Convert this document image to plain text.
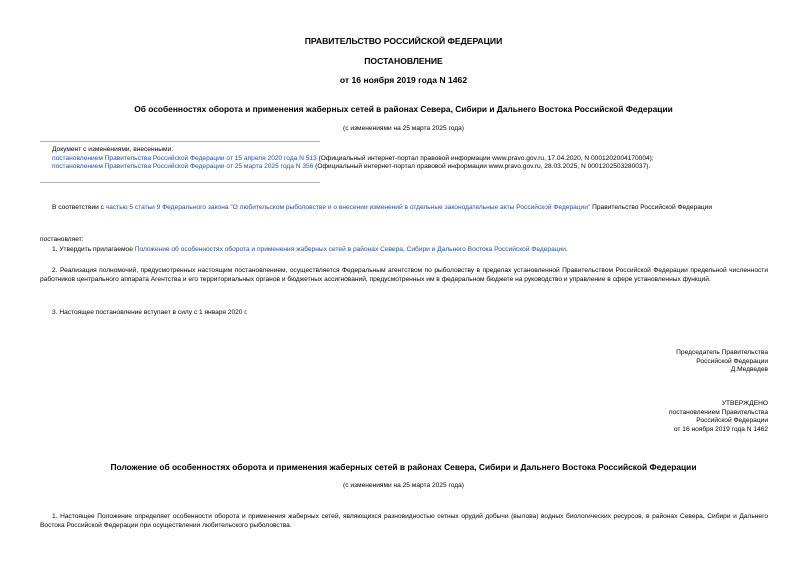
ПРАВИТЕЛЬСТВО РОССИЙСКОЙ ФЕДЕРАЦИИ
ПОСТАНОВЛЕНИЕ
от 16 ноября 2019 года N 1462
Об особенностях оборота и применения жаберных сетей в районах Севера, Сибири и Дальнего Востока Российской Федерации
(с изменениями на 25 марта 2025 года)
Документ с изменениями, внесенными:
постановлением Правительства Российской Федерации от 15 апреля 2020 года N 513 (Официальный интернет-портал правовой информации www.pravo.gov.ru, 17.04.2020, N 0001202004170004);
постановлением Правительства Российской Федерации от 25 марта 2025 года N 356 (Официальный интернет-портал правовой информации www.pravo.gov.ru, 28.03.2025, N 0001202503280037).
В соответствии с частью 5 статьи 9 Федерального закона "О любительском рыболовстве и о внесении изменений в отдельные законодательные акты Российской Федерации" Правительство Российской Федерации
постановляет:
1. Утвердить прилагаемое Положение об особенностях оборота и применения жаберных сетей в районах Севера, Сибири и Дальнего Востока Российской Федерации.
2. Реализация полномочий, предусмотренных настоящим постановлением, осуществляется Федеральным агентством по рыболовству в пределах установленной Правительством Российской Федерации предельной численности работников центрального аппарата Агентства и его территориальных органов и бюджетных ассигнований, предусмотренных им в федеральном бюджете на руководство и управление в сфере установленных функций.
3. Настоящее постановление вступает в силу с 1 января 2020 г.
Председатель Правительства
Российской Федерации
Д.Медведев
УТВЕРЖДЕНО
постановлением Правительства
Российской Федерации
от 16 ноября 2019 года N 1462
Положение об особенностях оборота и применения жаберных сетей в районах Севера, Сибири и Дальнего Востока Российской Федерации
(с изменениями на 25 марта 2025 года)
1. Настоящее Положение определяет особенности оборота и применения жаберных сетей, являющихся разновидностью сетных орудий добычи (вылова) водных биологических ресурсов, в районах Севера, Сибири и Дальнего Востока Российской Федерации при осуществлении любительского рыболовства.
